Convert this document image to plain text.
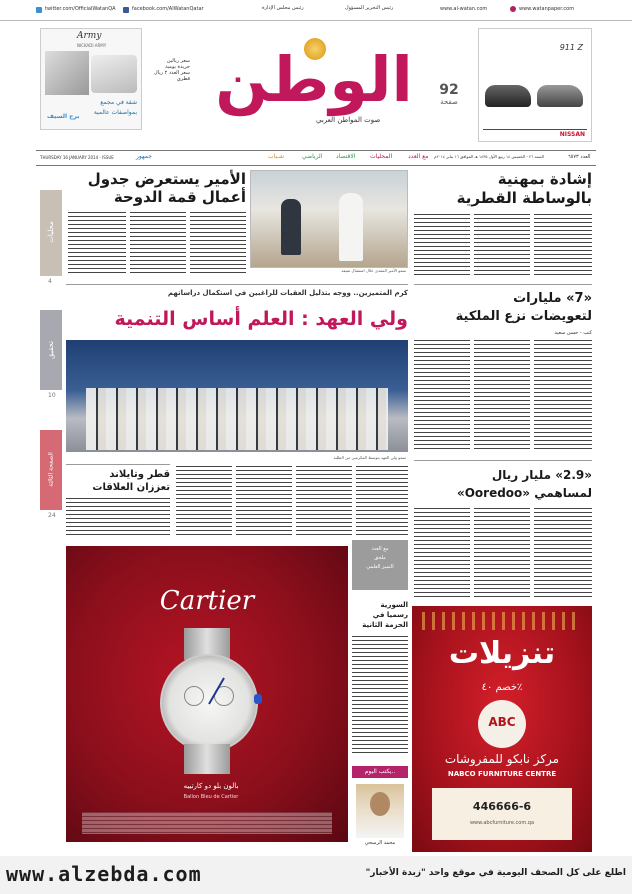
twitter.com/OfficialWatanQA	facebook.com/AlWatanQatar	رئيس مجلس الإدارة	رئيس التحرير المسؤول	www.al-watan.com	www.watanpaper.com
Army
NICKADI ARMY
شقة في مجمع
بمواصفات عالمية
برج السيف
سعر ريالين
جريدة يومية
سعر العدد ٢ ريال قطري الوطن
صوت المواطن العربي
92
صفحة
911 Z
NISSAN
THURSDAY 16 JANUARY 2014 - ISSUE	جمهور	شـباب	الرياضي الاقتصاد المحليات	مع العدد السنة ٢٦ - الخميس ١٤ ربيع الأول ١٤٣٥ هـ الموافق ١٦ يناير ٢٠١٤م	العدد ٦٥٧٣
محليات
4
تحقيق
10
الصفحة الثالثة
24
الأمير يستعرض جدول
أعمال قمة الدوحة
سمو الأمير المفدى خلال استقبال ضيفه
كرم المتميزين.. ووجه بتذليل العقبات للراغبين في استكمال دراساتهم
ولي العهد : العلم أساس التنمية
سمو ولي العهد يتوسط المكرمين من الطلبة
قطر وتايلاند
تعززان العلاقات
إشادة بمهنية
بالوساطة القطرية
«7» مليارات
لتعويضات نزع الملكية
كتب - حسن سعيد
«2.9» مليار ريال
لمساهمي «Ooredoo»
مع العدد
ملحق
التميز العلمي
Cartier
بالون بلو دو كارتييه
Ballon Bleu de Cartier
السورية
رسميا في
الحزمة الثانية
يكتب اليوم..
محمد الرميحي
تنزيلات
خصم ٤٠٪
ABC
مركز نابكو للمفروشات
NABCO FURNITURE CENTRE
446666-6
www.abcfurniture.com.qa
www.alzebda.com	اطلع على كل الصحف اليومية في موقع واحد "زبدة الأخبار"
